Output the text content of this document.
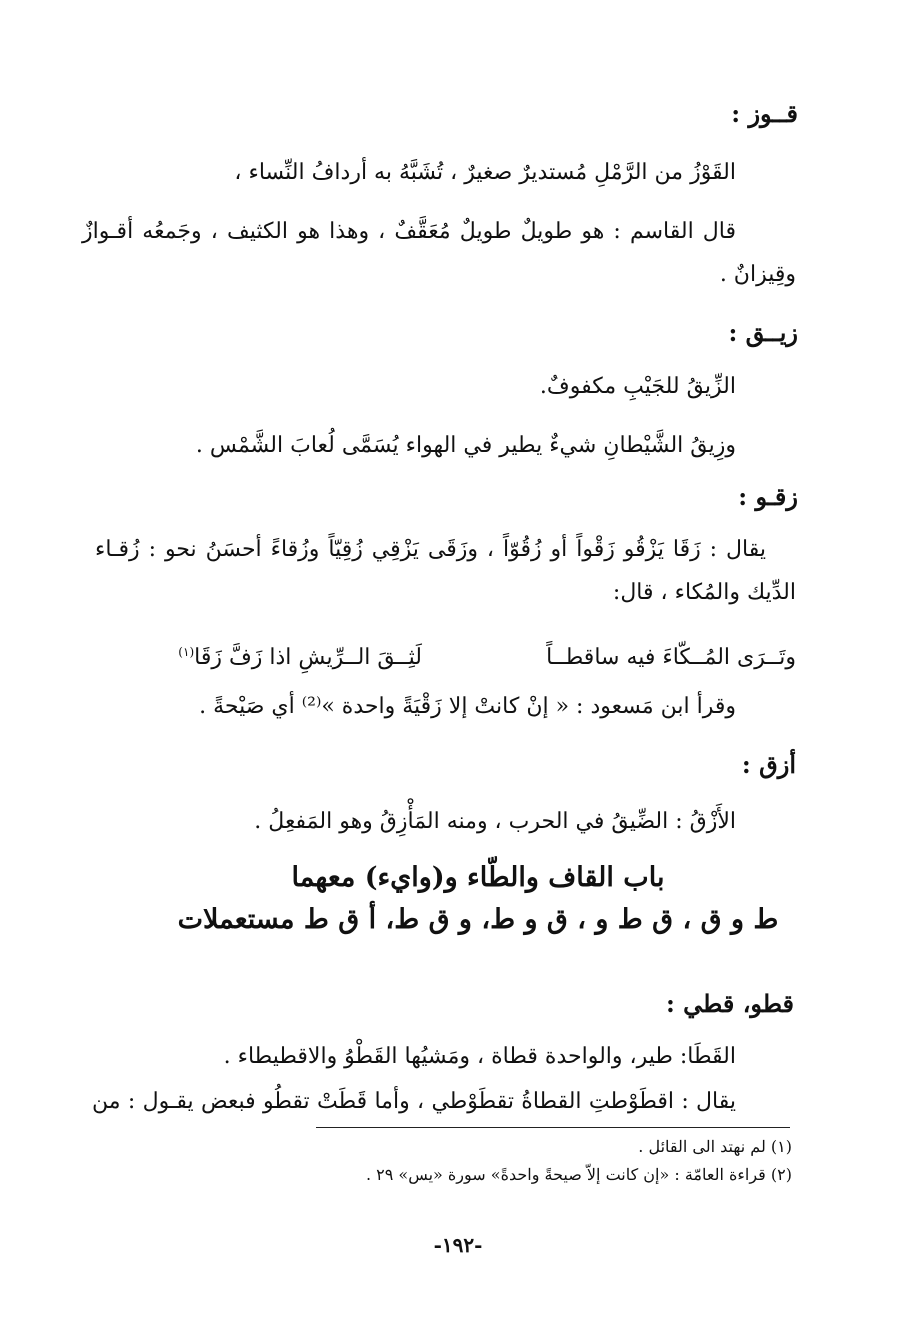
قــوز :
القَوْزُ من الرَّمْلِ مُستديرٌ صغيرٌ ، تُشَبَّهُ به أردافُ النِّساء ،
قال القاسم : هو طويلٌ طويلٌ مُعَقَّفٌ ، وهذا هو الكثيف ، وجَمعُه أقـوازٌ
وقِيزانٌ .
زيــق :
الزِّيقُ للجَيْبِ مكفوفٌ.
وزِيقُ الشَّيْطانِ شيءٌ يطير في الهواء يُسَمَّى لُعابَ الشَّمْس .
زقـو :
يقال : زَقَا يَزْقُو زَقْواً أو زُقُوّاً ، وزَقَى يَزْقِي زُقِيّاً وزُقاءً أحسَنُ نحو : زُقـاء
الدِّيك والمُكاء ، قال:
وتَــرَى المُــكّاءَ فيه ساقطــاً  لَثِــقَ الــرِّيشِ اذا زَفَّ زَقَا$^{(١)}$
وقرأ ابن مَسعود : « إنْ كانتْ إلا زَقْيَةً واحدة »⁽²⁾ أي صَيْحةً .
أزق :
الأَزْقُ : الضِّيقُ في الحرب ، ومنه المَأْزِقُ وهو المَفعِلُ .
باب القاف والطّاء و(واي‌ء) معهما
ط و ق ، ق ط و ، ق و ط، و ق ط، أ ق ط مستعملات
قطو، قطي :
القَطَا: طير، والواحدة قطاة ، ومَشيُها القَطْوُ والاقطيطاء .
يقال : اقطَوْطتِ القطاةُ تقطَوْطي ، وأما قَطَتْ تقطُو فبعض يقـول : من
(١) لم نهتد الى القائل .
(٢) قراءة العامّة : «إن كانت إلاّ صيحةً واحدةً» سورة «يس» ٢٩ .
-١٩٢-
